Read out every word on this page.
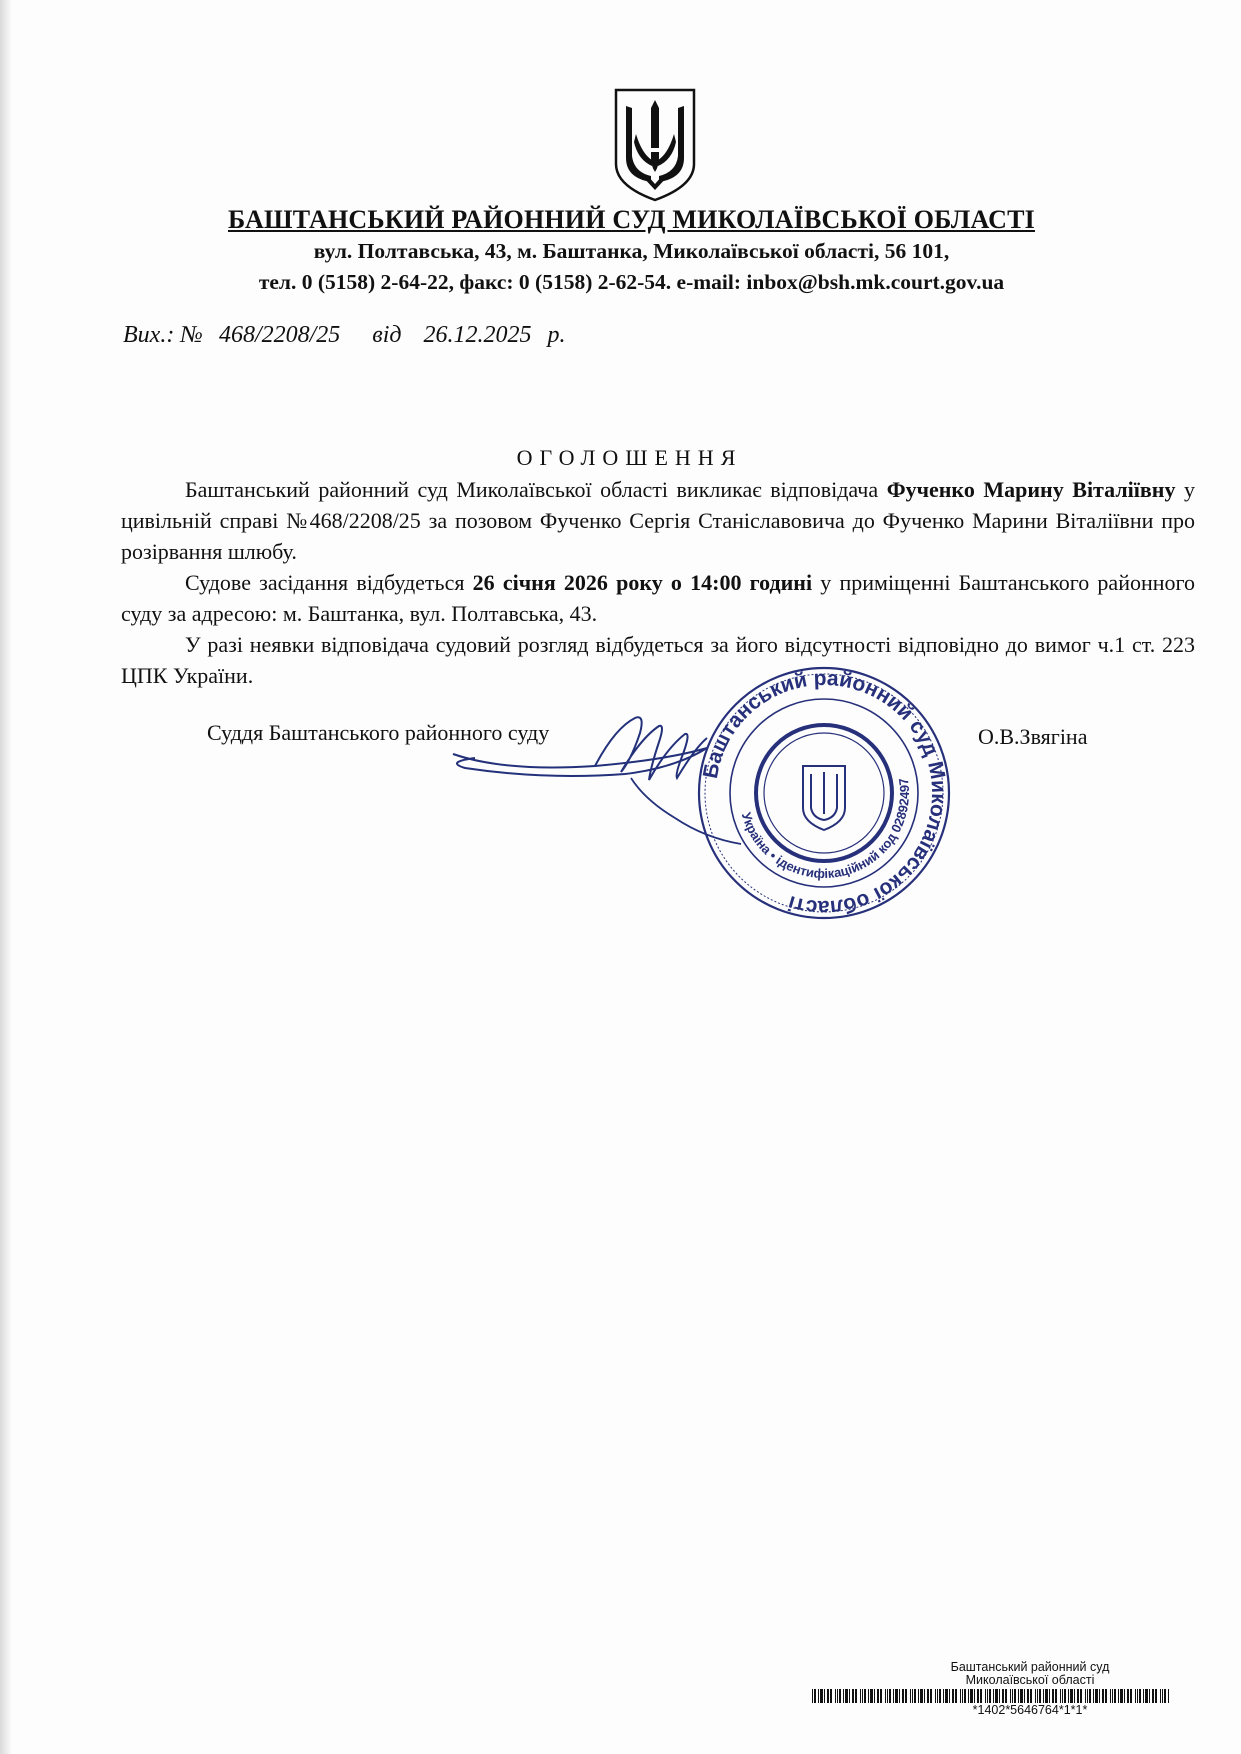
БАШТАНСЬКИЙ РАЙОННИЙ СУД МИКОЛАЇВСЬКОЇ ОБЛАСТІ
вул. Полтавська, 43, м. Баштанка, Миколаївської області, 56 101,
тел. 0 (5158) 2-64-22, факс: 0 (5158) 2-62-54. e-mail: inbox@bsh.mk.court.gov.ua
Вих.: № 468/2208/25 від 26.12.2025 р.
ОГОЛОШЕННЯ

Баштанський районний суд Миколаївської області викликає відповідача Фученко Марину Віталіївну у цивільній справі №468/2208/25 за позовом Фученко Сергія Станіславовича до Фученко Марини Віталіївни про розірвання шлюбу.

Судове засідання відбудеться 26 січня 2026 року о 14:00 годині у приміщенні Баштанського районного суду за адресою: м. Баштанка, вул. Полтавська, 43.

У разі неявки відповідача судовий розгляд відбудеться за його відсутності відповідно до вимог ч.1 ст. 223 ЦПК України.

Суддя Баштанського районного суду	О.В.Звягіна
Баштанський районний суд Миколаївської області
Україна • ідентифікаційний код 02892497
Баштанський районний суд
Миколаївської області
*1402*5646764*1*1*
